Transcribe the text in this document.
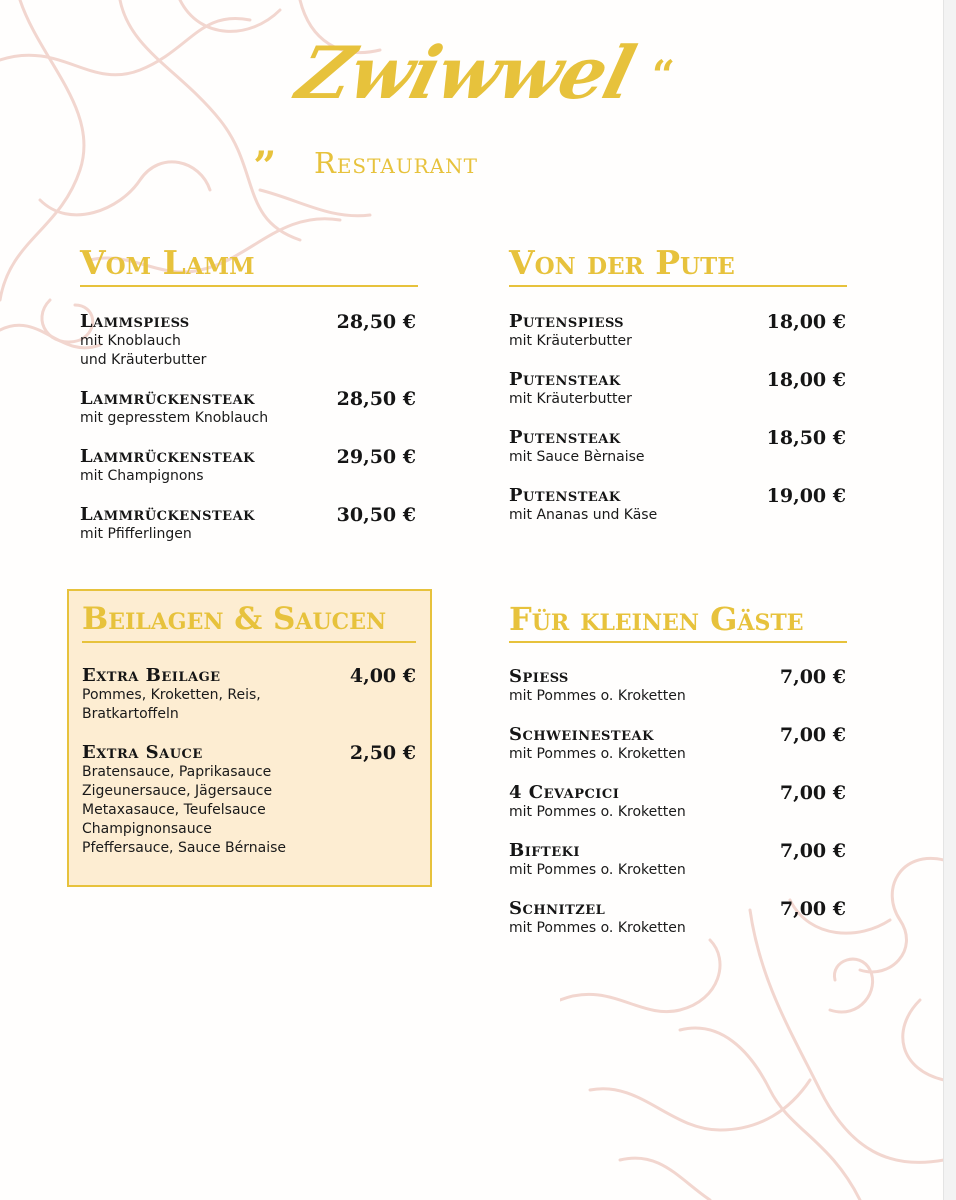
„
Zwiwwel “
Restaurant
Vom Lamm
Lammspieß
mit Knoblauch
und Kräuterbutter
28,50 €
Lammrückensteak
mit gepresstem Knoblauch
28,50 €
Lammrückensteak
mit Champignons
29,50 €
Lammrückensteak
mit Pfifferlingen
30,50 €
Von der Pute
Putenspieß
mit Kräuterbutter
18,00 €
Putensteak
mit Kräuterbutter
18,00 €
Putensteak
mit Sauce Bèrnaise
18,50 €
Putensteak
mit Ananas und Käse
19,00 €
Beilagen & Saucen
Extra Beilage
Pommes, Kroketten, Reis,
Bratkartoffeln
4,00 €
Extra Sauce
Bratensauce, Paprikasauce
Zigeunersauce, Jägersauce
Metaxasauce, Teufelsauce
Champignonsauce
Pfeffersauce, Sauce Bérnaise
2,50 €
Für kleinen Gäste
Spieß
mit Pommes o. Kroketten
7,00 €
Schweinesteak
mit Pommes o. Kroketten
7,00 €
4 Cevapcici
mit Pommes o. Kroketten
7,00 €
Bifteki
mit Pommes o. Kroketten
7,00 €
Schnitzel
mit Pommes o. Kroketten
7,00 €
